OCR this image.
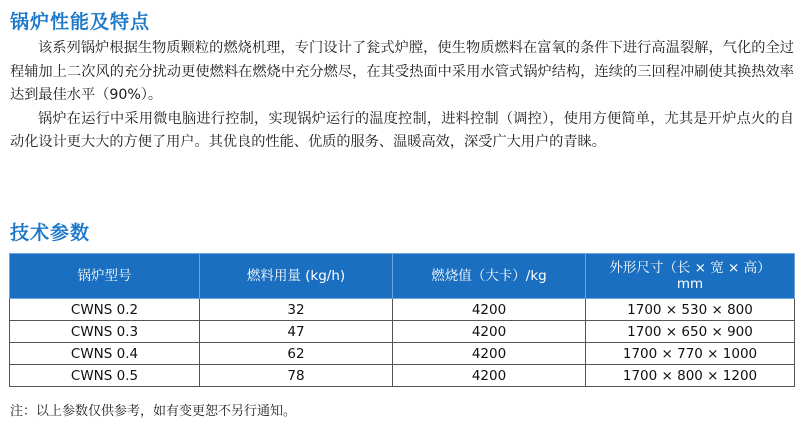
锅炉性能及特点

该系列锅炉根据生物质颗粒的燃烧机理，专门设计了瓮式炉膛，使生物质燃料在富氧的条件下进行高温裂解，气化的全过程辅加上二次风的充分扰动更使燃料在燃烧中充分燃尽，在其受热面中采用水管式锅炉结构，连续的三回程冲刷使其换热效率达到最佳水平（90%）。

锅炉在运行中采用微电脑进行控制，实现锅炉运行的温度控制，进料控制（调控），使用方便简单，尤其是开炉点火的自动化设计更大大的方便了用户。其优良的性能、优质的服务、温暖高效，深受广大用户的青睐。

技术参数
锅炉型号	燃料用量 (kg/h)	燃烧值（大卡）/kg	外形尺寸（长 × 宽 × 高）
mm

CWNS 0.2	32	4200	1700 × 530 × 800
CWNS 0.3	47	4200	1700 × 650 × 900
CWNS 0.4	62	4200	1700 × 770 × 1000
CWNS 0.5	78	4200	1700 × 800 × 1200
注：以上参数仅供参考，如有变更恕不另行通知。
